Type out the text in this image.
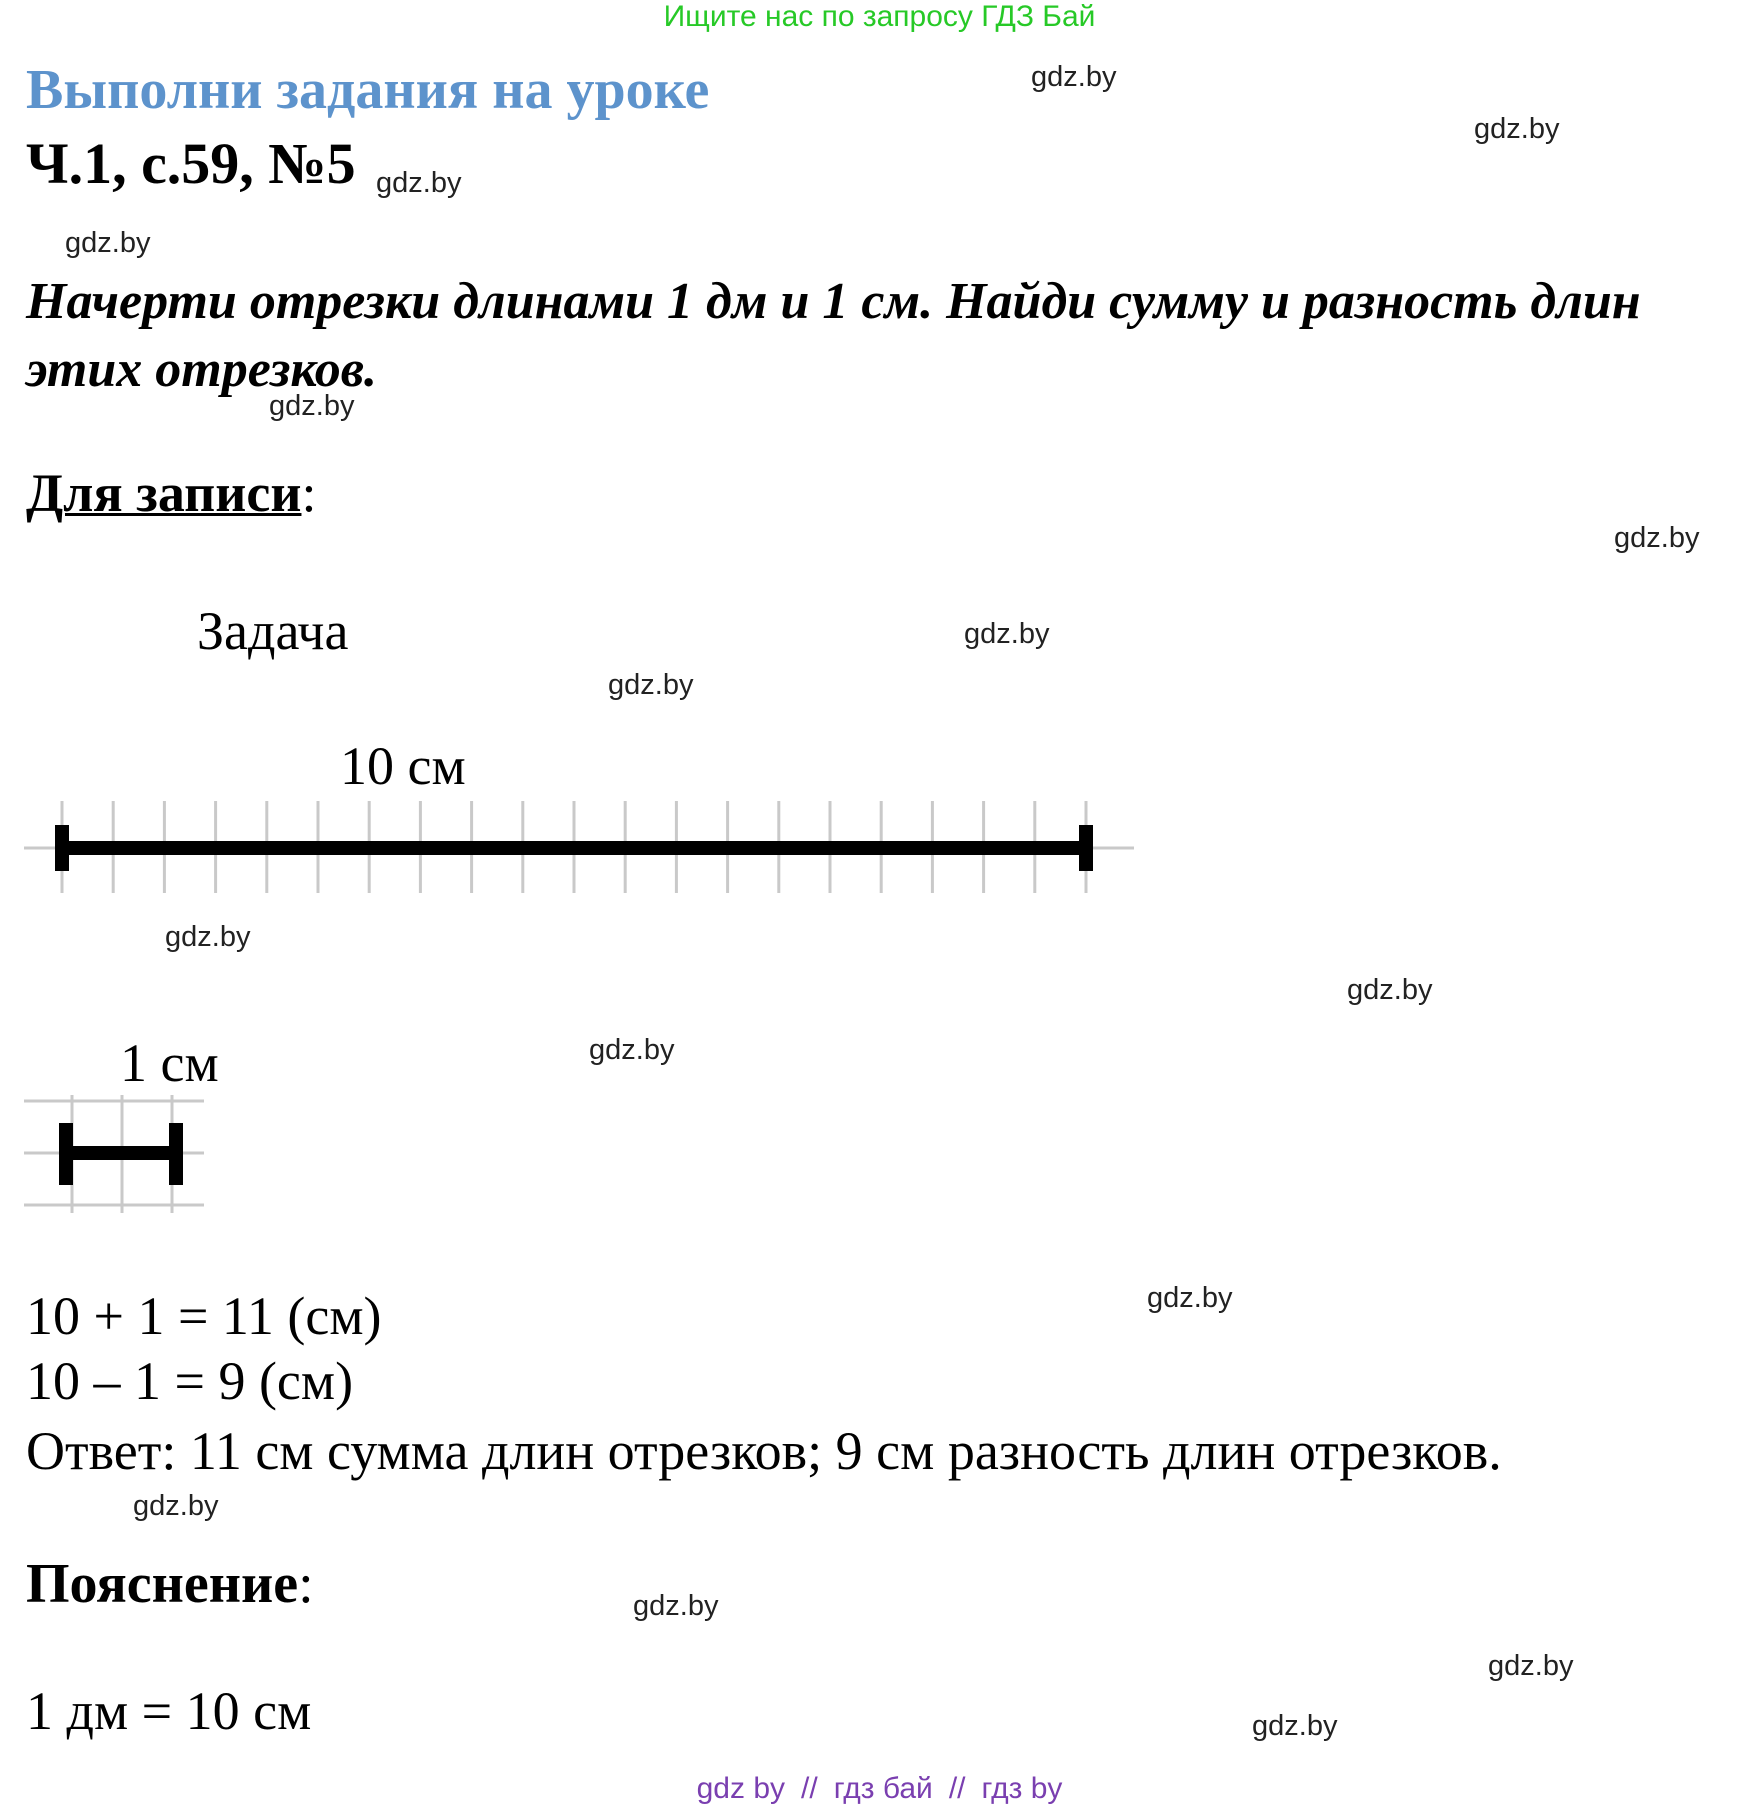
Ищите нас по запросу ГДЗ Бай
Выполни задания на уроке
Ч.1, с.59, №5
Начерти отрезки длинами 1 дм и 1 см. Найди сумму и разность длин этих отрезков.
Для записи:
Задача
10 см
1 см
10 + 1 = 11 (см)
10 – 1 = 9 (см)
Ответ: 11 см сумма длин отрезков; 9 см разность длин отрезков.
Пояснение:
1 дм = 10 см
gdz.by
gdz.by
gdz.by
gdz.by
gdz.by
gdz.by
gdz.by
gdz.by
gdz.by
gdz.by
gdz.by
gdz.by
gdz.by
gdz.by
gdz.by
gdz.by
gdz by // гдз бай // гдз by
